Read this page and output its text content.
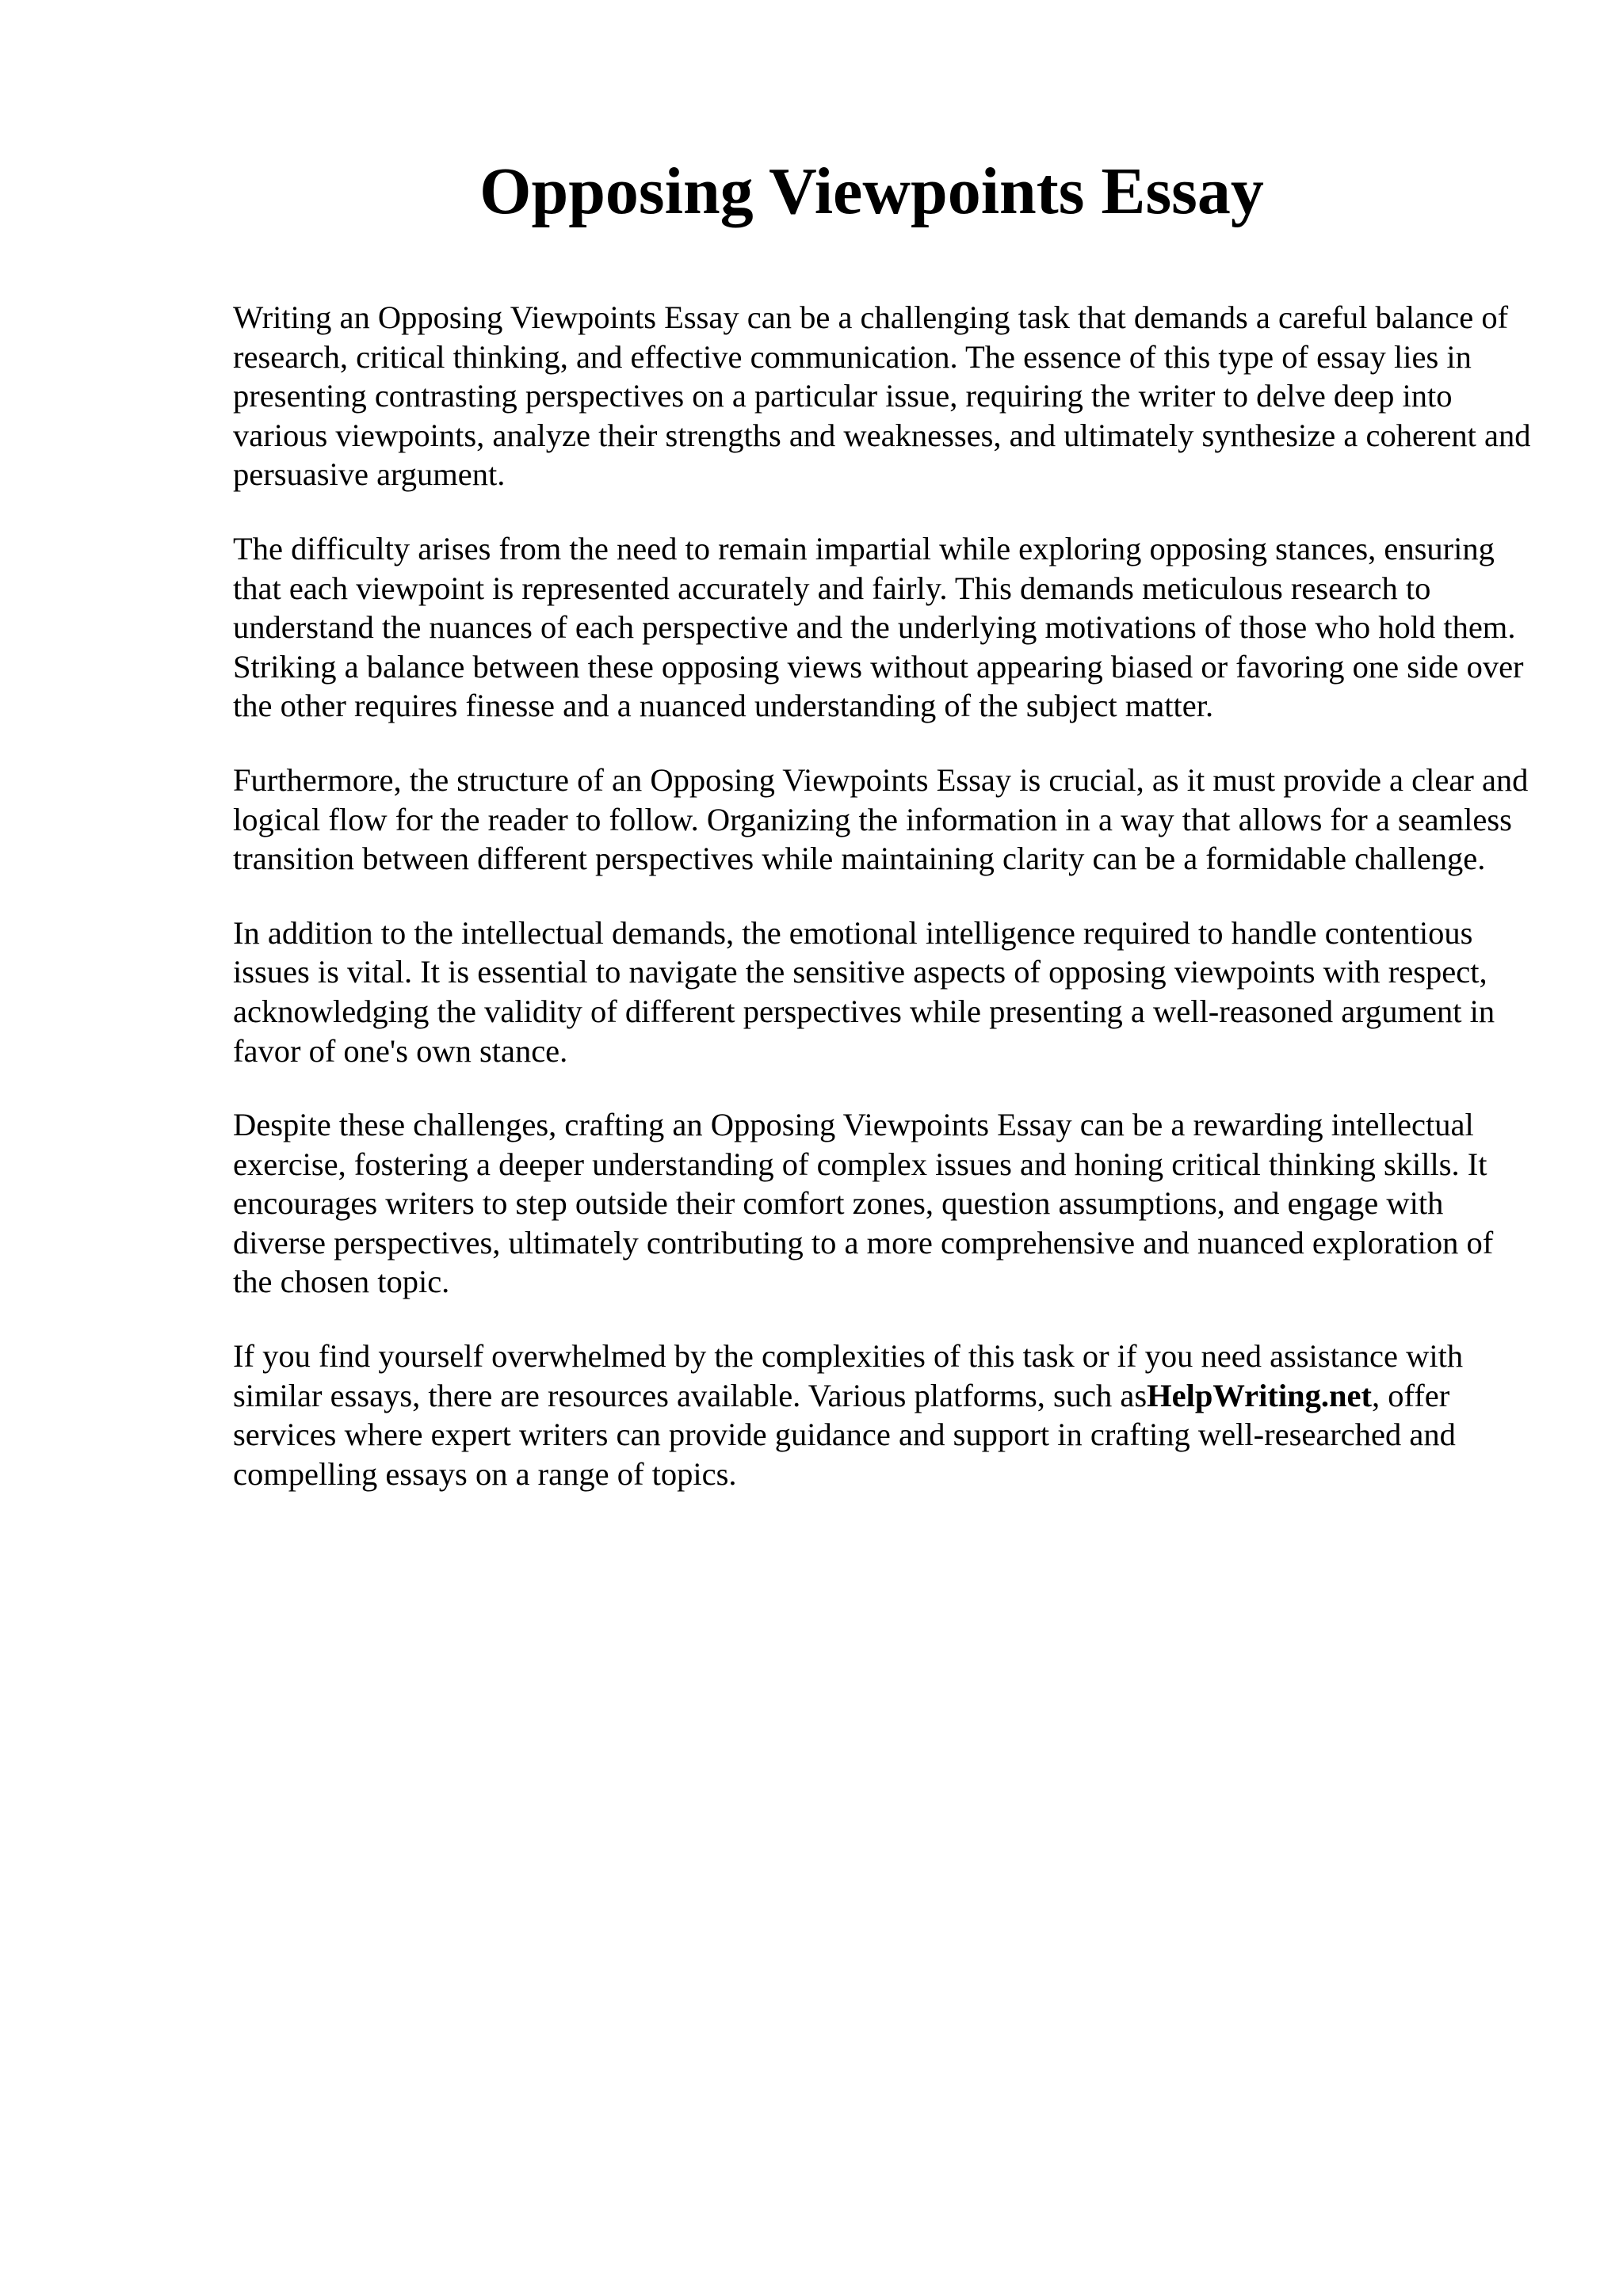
Opposing Viewpoints Essay

Writing an Opposing Viewpoints Essay can be a challenging task that demands a careful balance of research, critical thinking, and effective communication. The essence of this type of essay lies in presenting contrasting perspectives on a particular issue, requiring the writer to delve deep into various viewpoints, analyze their strengths and weaknesses, and ultimately synthesize a coherent and persuasive argument.

The difficulty arises from the need to remain impartial while exploring opposing stances, ensuring that each viewpoint is represented accurately and fairly. This demands meticulous research to understand the nuances of each perspective and the underlying motivations of those who hold them. Striking a balance between these opposing views without appearing biased or favoring one side over the other requires finesse and a nuanced understanding of the subject matter.

Furthermore, the structure of an Opposing Viewpoints Essay is crucial, as it must provide a clear and logical flow for the reader to follow. Organizing the information in a way that allows for a seamless transition between different perspectives while maintaining clarity can be a formidable challenge.

In addition to the intellectual demands, the emotional intelligence required to handle contentious issues is vital. It is essential to navigate the sensitive aspects of opposing viewpoints with respect, acknowledging the validity of different perspectives while presenting a well-reasoned argument in favor of one's own stance.

Despite these challenges, crafting an Opposing Viewpoints Essay can be a rewarding intellectual exercise, fostering a deeper understanding of complex issues and honing critical thinking skills. It encourages writers to step outside their comfort zones, question assumptions, and engage with diverse perspectives, ultimately contributing to a more comprehensive and nuanced exploration of the chosen topic.

If you find yourself overwhelmed by the complexities of this task or if you need assistance with similar essays, there are resources available. Various platforms, such asHelpWriting.net, offer services where expert writers can provide guidance and support in crafting well-researched and compelling essays on a range of topics.
